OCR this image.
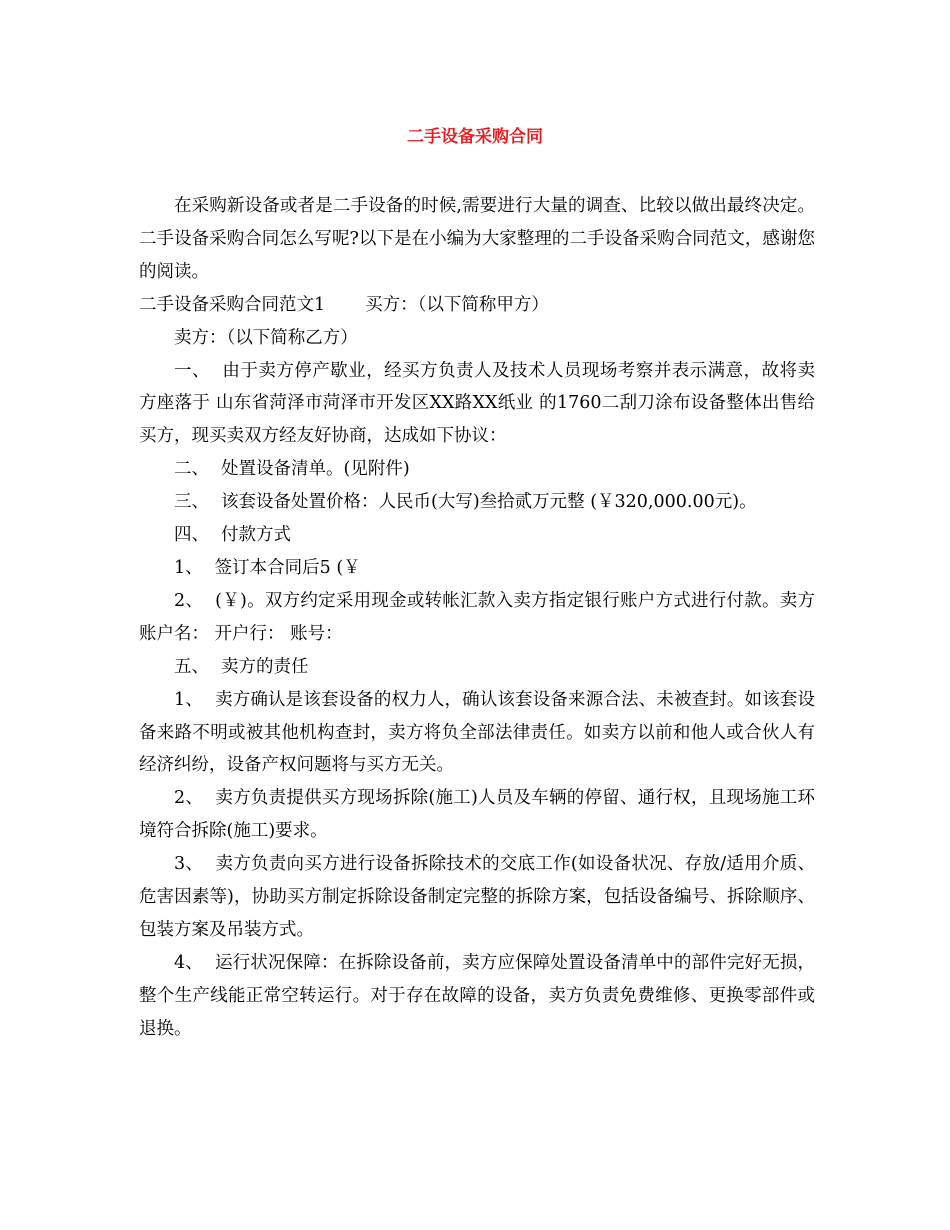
二手设备采购合同

在采购新设备或者是二手设备的时候,需要进行大量的调查、比较以做出最终决定。二手设备采购合同怎么写呢?以下是在小编为大家整理的二手设备采购合同范文，感谢您的阅读。

二手设备采购合同范文1 买方：（以下简称甲方）

卖方：（以下简称乙方）

一、 由于卖方停产歇业，经买方负责人及技术人员现场考察并表示满意，故将卖方座落于 山东省菏泽市菏泽市开发区XX路XX纸业 的1760二刮刀涂布设备整体出售给买方，现买卖双方经友好协商，达成如下协议：

二、 处置设备清单。(见附件)

三、 该套设备处置价格：人民币(大写)叁拾贰万元整 (￥320,000.00元)。

四、 付款方式

1、 签订本合同后5 (￥

2、 (￥)。双方约定采用现金或转帐汇款入卖方指定银行账户方式进行付款。卖方账户名： 开户行： 账号：

五、 卖方的责任

1、 卖方确认是该套设备的权力人，确认该套设备来源合法、未被查封。如该套设备来路不明或被其他机构查封，卖方将负全部法律责任。如卖方以前和他人或合伙人有经济纠纷，设备产权问题将与买方无关。

2、 卖方负责提供买方现场拆除(施工)人员及车辆的停留、通行权，且现场施工环境符合拆除(施工)要求。

3、 卖方负责向买方进行设备拆除技术的交底工作(如设备状况、存放/适用介质、危害因素等)，协助买方制定拆除设备制定完整的拆除方案，包括设备编号、拆除顺序、包装方案及吊装方式。

4、 运行状况保障：在拆除设备前，卖方应保障处置设备清单中的部件完好无损，整个生产线能正常空转运行。对于存在故障的设备，卖方负责免费维修、更换零部件或退换。
